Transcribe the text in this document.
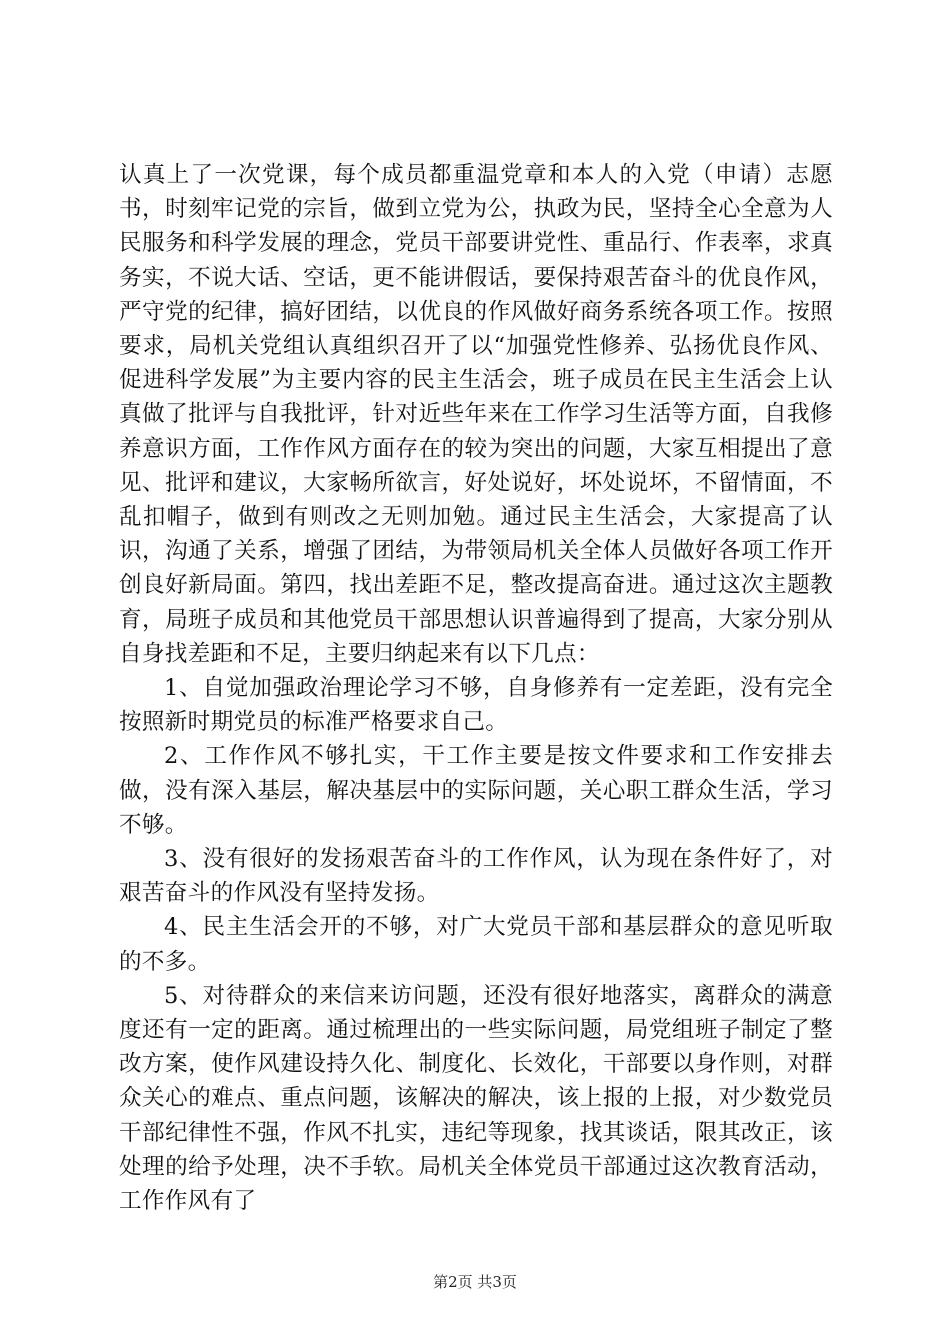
认真上了一次党课，每个成员都重温党章和本人的入党（申请）志愿书，时刻牢记党的宗旨，做到立党为公，执政为民，坚持全心全意为人民服务和科学发展的理念，党员干部要讲党性、重品行、作表率，求真务实，不说大话、空话，更不能讲假话，要保持艰苦奋斗的优良作风，严守党的纪律，搞好团结，以优良的作风做好商务系统各项工作。按照要求，局机关党组认真组织召开了以“加强党性修养、弘扬优良作风、促进科学发展”为主要内容的民主生活会，班子成员在民主生活会上认真做了批评与自我批评，针对近些年来在工作学习生活等方面，自我修养意识方面，工作作风方面存在的较为突出的问题，大家互相提出了意见、批评和建议，大家畅所欲言，好处说好，坏处说坏，不留情面，不乱扣帽子，做到有则改之无则加勉。通过民主生活会，大家提高了认识，沟通了关系，增强了团结，为带领局机关全体人员做好各项工作开创良好新局面。第四，找出差距不足，整改提高奋进。通过这次主题教育，局班子成员和其他党员干部思想认识普遍得到了提高，大家分别从自身找差距和不足，主要归纳起来有以下几点：

1、自觉加强政治理论学习不够，自身修养有一定差距，没有完全按照新时期党员的标准严格要求自己。

2、工作作风不够扎实，干工作主要是按文件要求和工作安排去做，没有深入基层，解决基层中的实际问题，关心职工群众生活，学习不够。

3、没有很好的发扬艰苦奋斗的工作作风，认为现在条件好了，对艰苦奋斗的作风没有坚持发扬。

4、民主生活会开的不够，对广大党员干部和基层群众的意见听取的不多。

5、对待群众的来信来访问题，还没有很好地落实，离群众的满意度还有一定的距离。通过梳理出的一些实际问题，局党组班子制定了整改方案，使作风建设持久化、制度化、长效化，干部要以身作则，对群众关心的难点、重点问题，该解决的解决，该上报的上报，对少数党员干部纪律性不强，作风不扎实，违纪等现象，找其谈话，限其改正，该处理的给予处理，决不手软。局机关全体党员干部通过这次教育活动，工作作风有了

第2页 共3页
